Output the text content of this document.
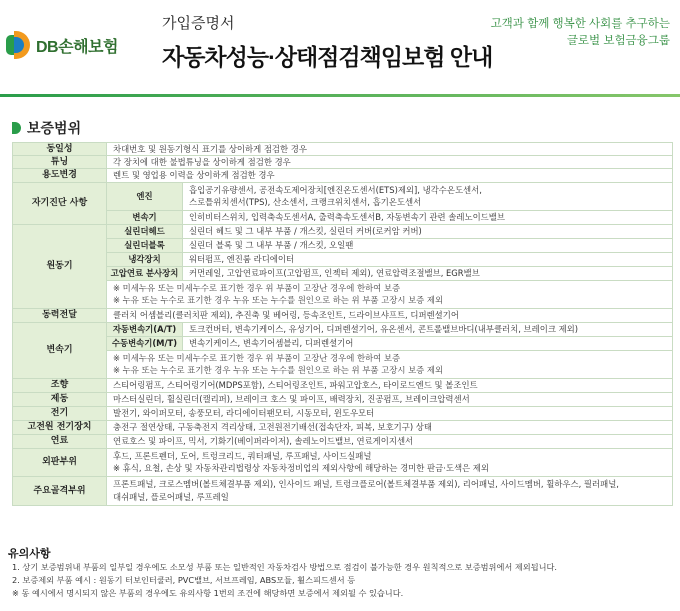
DB손해보험
가입증명서
자동차성능·상태점검책임보험 안내
고객과 함께 행복한 사회를 추구하는
글로벌 보험금융그룹
보증범위
동일성	차대번호 및 원동기형식 표기를 상이하게 점검한 경우	
튜닝	각 장치에 대한 불법튜닝을 상이하게 점검한 경우	
용도변경	렌트 및 영업용 이력을 상이하게 점검한 경우	
자기진단 사항	엔진	흡입공기유량센서, 공전속도제어장치[엔진온도센서(ETS)제외], 냉각수온도센서,
스로틀위치센서(TPS), 산소센서, 크랭크위치센서, 흡기온도센서

	변속기	인히비터스위치, 입력축속도센서A, 출력축속도센서B, 자동변속기 관련 솔레노이드밸브
원동기	실린더헤드	실린더 헤드 및 그 내부 부품 / 개스킷, 실린더 커버(로커암 커버)
	실린더블록	실린더 블록 및 그 내부 부품 / 개스킷, 오일팬
	냉각장치	워터펌프, 엔진룸 라디에이터
	고압연료 분사장치	커먼레일, 고압연료파이프(고압펌프, 인젝터 제외), 연료압력조절밸브, EGR밸브

	※ 미세누유 또는 미세누수로 표기한 경우 위 부품이 고장난 경우에 한하여 보증
※ 누유 또는 누수로 표기한 경우 누유 또는 누수를 원인으로 하는 위 부품 고장시 보증 제외	

동력전달	클러치 어셈블리(클러치판 제외), 추진축 및 베어링, 등속조인트, 드라이브샤프트, 디퍼렌셜기어	
변속기	자동변속기(A/T)	토크컨버터, 변속기케이스, 유성기어, 디퍼렌셜기어, 유온센서, 콘트롤밸브바디(내부클러치, 브레이크 제외)
	수동변속기(M/T)	변속기케이스, 변속기어셈블리, 디퍼렌셜기어

	※ 미세누유 또는 미세누수로 표기한 경우 위 부품이 고장난 경우에 한하여 보증
※ 누유 또는 누수로 표기한 경우 누유 또는 누수를 원인으로 하는 위 부품 고장시 보증 제외	

조향	스티어링펌프, 스티어링기어(MDPS포함), 스티어링조인트, 파워고압호스, 타이로드엔드 및 볼조인트	
제동	마스터실린더, 휠실린더(캘리퍼), 브레이크 호스 및 파이프, 배력장치, 진공펌프, 브레이크압력센서	
전기	발전기, 와이퍼모터, 송풍모터, 라디에이터팬모터, 시동모터, 윈도우모터	
고전원 전기장치	충전구 절연상태, 구동축전지 격리상태, 고전원전기배선(접속단자, 피복, 보호기구) 상태	
연료	연료호스 및 파이프, 믹서, 기화기(베이퍼라이저), 솔레노이드밸브, 연료게이지센서	
외판부위	후드, 프론트펜더, 도어, 트렁크리드, 쿼터패널, 루프패널, 사이드실패널
※ 휴식, 요철, 손상 및 자동차관리법령상 자동차정비업의 제외사항에 해당하는 경미한 판금·도색은 제외	

주요골격부위	프론트패널, 크로스멤버(볼트체결부품 제외), 인사이드 패널, 트렁크플로어(볼트체결부품 제외), 리어패널, 사이드멤버, 휠하우스, 필러패널,
대쉬패널, 플로어패널, 루프레일	
유의사항
1. 상기 보증범위내 부품의 일부일 경우에도 소모성 부품 또는 일반적인 자동차검사 방법으로 점검이 불가능한 경우 원칙적으로 보증범위에서 제외됩니다.
2. 보증제외 부품 예시 : 원동기 터보인터쿨러, PVC밸브, 서브프레임, ABS모듈, 휠스피드센서 등
※ 동 예시에서 명시되지 않은 부품의 경우에도 유의사항 1번의 조건에 해당하면 보증에서 제외될 수 있습니다.
